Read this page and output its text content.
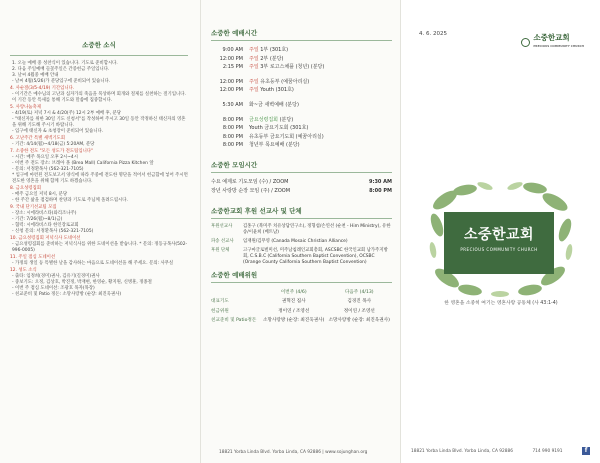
소중한 소식
1. 오늘 예배 중 성찬식이 있습니다. 기도로 준비합시다.
2. 다음 주일예배 들꽃주일은 간증헌금 주일입니다.
3. 날씨 4월중 예배 안내
- 날씨 4월(5/26)가 분당입구에 준비되어 있습니다.
4. 사순절(3/5-4/19) 기간입니다.
- 이기간은 예수님의 고난과 십자가의 죽음을 묵상하며 회개와 절제를 실천하는 절기입니다. 이 기간 동안 특새를 통해 기도와 말씀에 집중합시다.
5. 사랑나눔축제
- 4/19(토) 저녁 7시 & 4/20(주) 12시 2부 예배 후, 분당
- "태신자를 위한 30일 기도 신청서"를 작성하여 주시고 30일 동안 작정하신 태신자의 영혼을 위해 기도해 주시기 바랍니다.
- 입구에 태신자 & 초청장이 준비되어 있습니다.
6. 고난주간 특별 새벽기도회
- 기간: 4/14(월)~4/18(금) 5:20AM, 분당
7. 소중한 전도 "모든 성도가 전도팀입니다"
- 시간: 매주 목요일 오후 2시~4시
- 이번 주 전도 장소: 브레아 몰 (Brea Mall) California Pizza Kitchen 앞
- 문의: 서정환목사 (562-321-7105)
* 입구에 마련된 전도보고서 양식에 따라 주중에 전도한 명단을 적어서 헌금함에 넣어 주시면 전도한 영혼을 위해 함께 기도 하겠습니다.
8. 금요성령집회
- 매주 금요일 저녁 8시, 분당
- 한 주간 삶을 점검하며 찬양과 기도로 주님께 올려드립시다.
9. 국내 단기선교팀 모집
- 장소: 시에라비스타(와리조나주)
- 기간: 7/26(월)~8/1(금)
- 협력: 시에라비스타 한인장로교회
- 신청 문의: 서정환목사 (562-321-7105)
10. 금요성령집회 저녁식사 도네이션
- 금요성령집회를 준비하는 저녁식사를 위한 도네이션을 받습니다. * 문의: 정동규목사(502-996-0005)
11. 주일 점심 도네이션
- 가정의 생일 등 특별한 날을 감사하는 마음으로 도네이션을 해 주세요. 문의: 사무실
12. 성도 소식
- 출타: 임정희(경미)권사, 김유기(길경미)권사
- 중보기도: 오정, 김상호, 박진정, 박재현, 한영순, 황지원, 신병훈, 정종철
- 이번 주 점심 도네이션: 조광호 목자(목장)
- 친교준비 및 Patio 정돈: 소망사랑방 (순장: 최진욱권사)
소중한 예배시간
9:00 AM	주일 1부 (301호)
12:00 PM	주일 2부 (분당)
2:15 PM	주일 3부 로고스채플 (청년) (분당)
12:00 PM	주일 유초등부 (예꿈아리실)
12:00 PM	주일 Youth (301호)
5:30 AM	화~금 새벽예배 (분당)
8:00 PM	금요성령집회 (분당)
8:00 PM	Youth 금요기도회 (301호)
8:00 PM	유초등부 금요기도회 (예꿈아리실)
8:00 PM	청년부 목요예배 (분당)
소중한 모임시간
수요 예제로 기도모임 (수) / ZOOM	9:30 AM
장년 사랑방 순장 모임 (주) / ZOOM	8:00 PM
소중한교회 후원 선교사 및 단체
후원선교사	김홍구 (북미주 치유상담연구소), 정형섭/손연선 (순천 - Him Ministry), 유한송/이윤희 (베트남)
파송 선교사	임재원/김무영 (Canada Mosaic Christian Alliance)
후원 단체	고구마글로벌미션, 미주남침례인교회총회, ASCSBC 한국인교회 남가주지방회, C.S.B.C (California Southern Baptist Convention), OCSBC (Orange County California Southern Baptist Convention)
소중한 예배위원
	이번주 (4/6)	다음주 (4/13)
대표기도	권혁진 집사	김경진 목사
헌금위원	정이연 / 조영선	정이연 / 조영선
친교준비 및 Patio정돈	소망사랑방 (순장: 최진욱권사)	소망사랑방 (순장: 최진욱권사)
18821 Yorba Linda Blvd. Yorba Linda, CA 92886 | www.sojunghan.org
4. 6. 2025	소중한교회
PRECIOUS COMMUNITY CHURCH
소중한교회
PRECIOUS COMMUNITY CHURCH
한 영혼을 소중히 여기는 영혼사랑 공동체 (사 43:1-4)
18821 Yorba Linda Blvd. Yorba Linda, CA 92886	714 990 9191	f
